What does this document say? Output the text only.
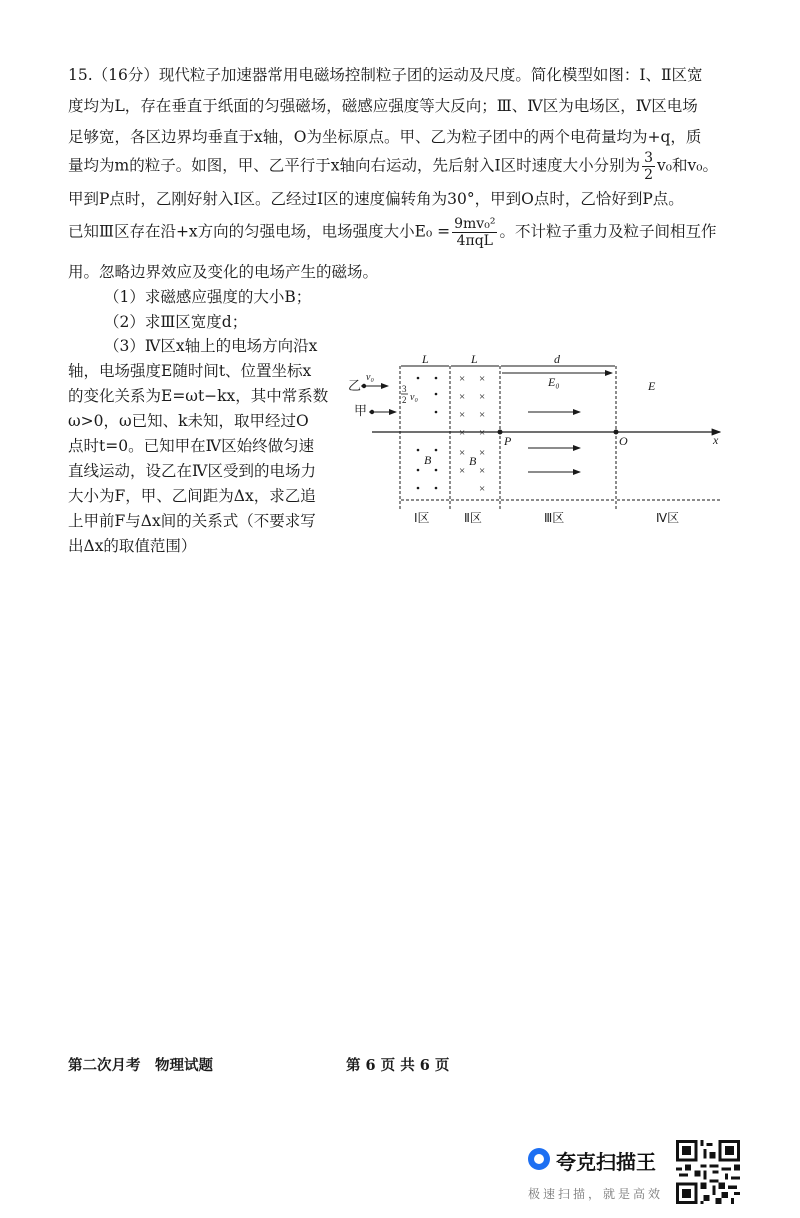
15.（16分）现代粒子加速器常用电磁场控制粒子团的运动及尺度。简化模型如图：Ⅰ、Ⅱ区宽
度均为L，存在垂直于纸面的匀强磁场，磁感应强度等大反向；Ⅲ、Ⅳ区为电场区，Ⅳ区电场
足够宽，各区边界均垂直于x轴，O为坐标原点。甲、乙为粒子团中的两个电荷量均为+q，质
量均为m的粒子。如图，甲、乙平行于x轴向右运动，先后射入Ⅰ区时速度大小分别为 $\frac{3}{2} v_0$和v₀。
甲到P点时，乙刚好射入Ⅰ区。乙经过Ⅰ区的速度偏转角为30°，甲到O点时，乙恰好到P点。
已知Ⅲ区存在沿+x方向的匀强电场，电场强度大小$E_0 = \frac{\text{9mv₀²}}{\text{4πqL}}$ 。不计粒子重力及粒子间相互作
用。忽略边界效应及变化的电场产生的磁场。
（1）求磁感应强度的大小B；
（2）求Ⅲ区宽度d；
（3）Ⅳ区x轴上的电场方向沿x
轴，电场强度E随时间t、位置坐标x
的变化关系为E=ωt−kx，其中常系数
ω>0，ω已知、k未知，取甲经过O
点时t=0。已知甲在Ⅳ区始终做匀速
直线运动，设乙在Ⅳ区受到的电场力
大小为F，甲、乙间距为Δx，求乙追
上甲前F与Δx间的关系式（不要求写
出Δx的取值范围）
L	L	d
x
P	O
B
× ×
× ×
× ×
× ×
× ×
× ×
×
B
E₀	E
乙
v₀
甲
3
2 v₀
Ⅰ区	Ⅱ区	Ⅲ区	Ⅳ区
第二次月考　物理试题	第 6 页 共 6 页
夸克扫描王
极速扫描，就是高效
